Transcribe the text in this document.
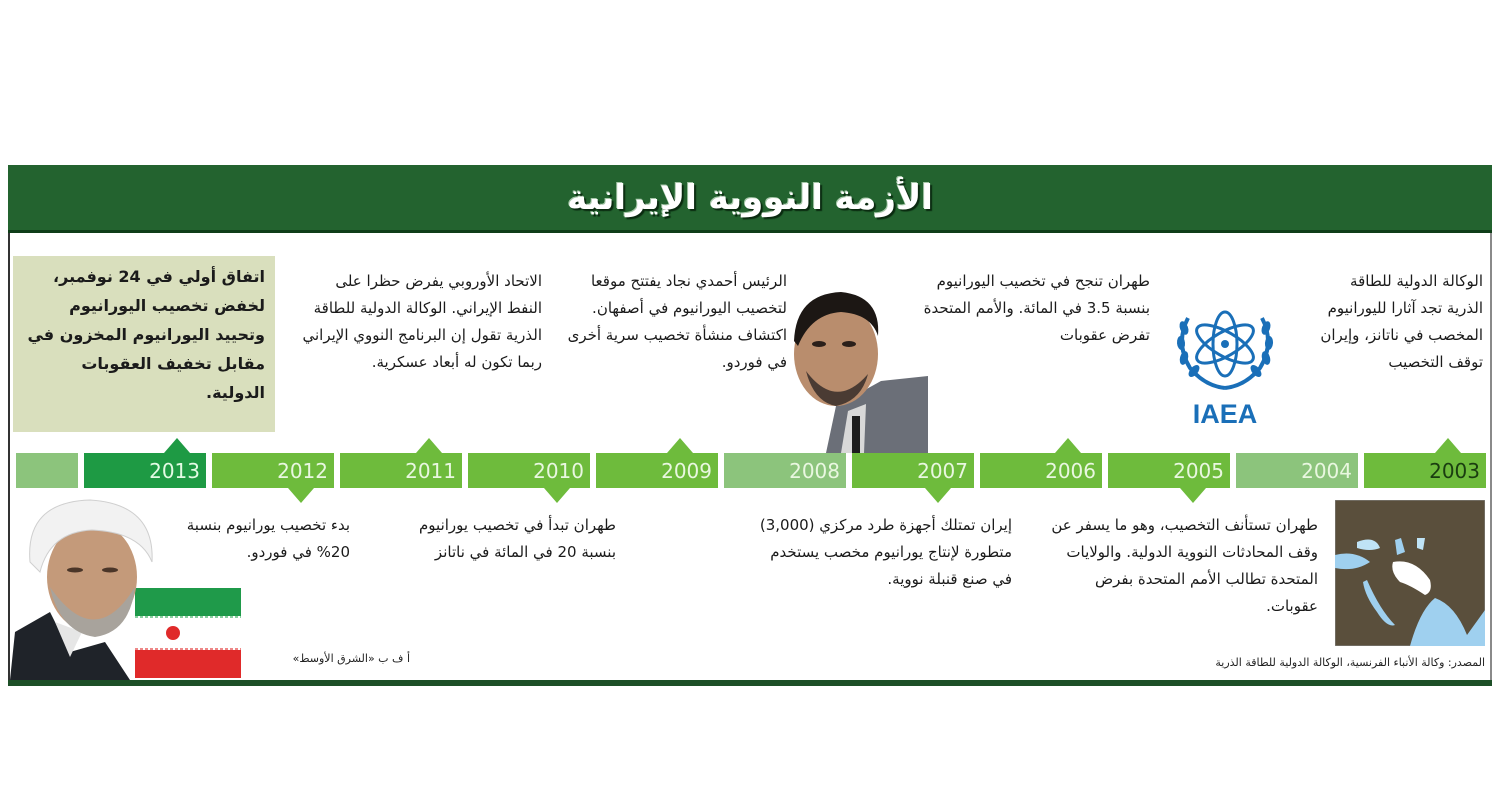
الأزمة النووية الإيرانية
الوكالة الدولية للطاقة الذرية تجد آثارا لليورانيوم المخصب في ناتانز، وإيران توقف التخصيب
IAEA
طهران تنجح في تخصيب اليورانيوم بنسبة 3.5 في المائة. والأمم المتحدة تفرض عقوبات
الرئيس أحمدي نجاد يفتتح موقعا لتخصيب اليورانيوم في أصفهان. اكتشاف منشأة تخصيب سرية أخرى في فوردو.
الاتحاد الأوروبي يفرض حظرا على النفط الإيراني. الوكالة الدولية للطاقة الذرية تقول إن البرنامج النووي الإيراني ربما تكون له أبعاد عسكرية.
اتفاق أولي في 24 نوفمبر، لخفض تخصيب اليورانيوم وتحييد اليورانيوم المخزون في مقابل تخفيف العقوبات الدولية.
2013	2012	2011	2010	2009	2008	2007	2006	2005	2004	2003
طهران تستأنف التخصيب، وهو ما يسفر عن وقف المحادثات النووية الدولية. والولايات المتحدة تطالب الأمم المتحدة بفرض عقوبات.
إيران تمتلك أجهزة طرد مركزي (3,000) متطورة لإنتاج يورانيوم مخصب يستخدم في صنع قنبلة نووية.
طهران تبدأ في تخصيب يورانيوم بنسبة 20 في المائة في ناتانز
بدء تخصيب يورانيوم بنسبة 20% في فوردو.
أ ف ب «الشرق الأوسط»	المصدر: وكالة الأنباء الفرنسية، الوكالة الدولية للطاقة الذرية
